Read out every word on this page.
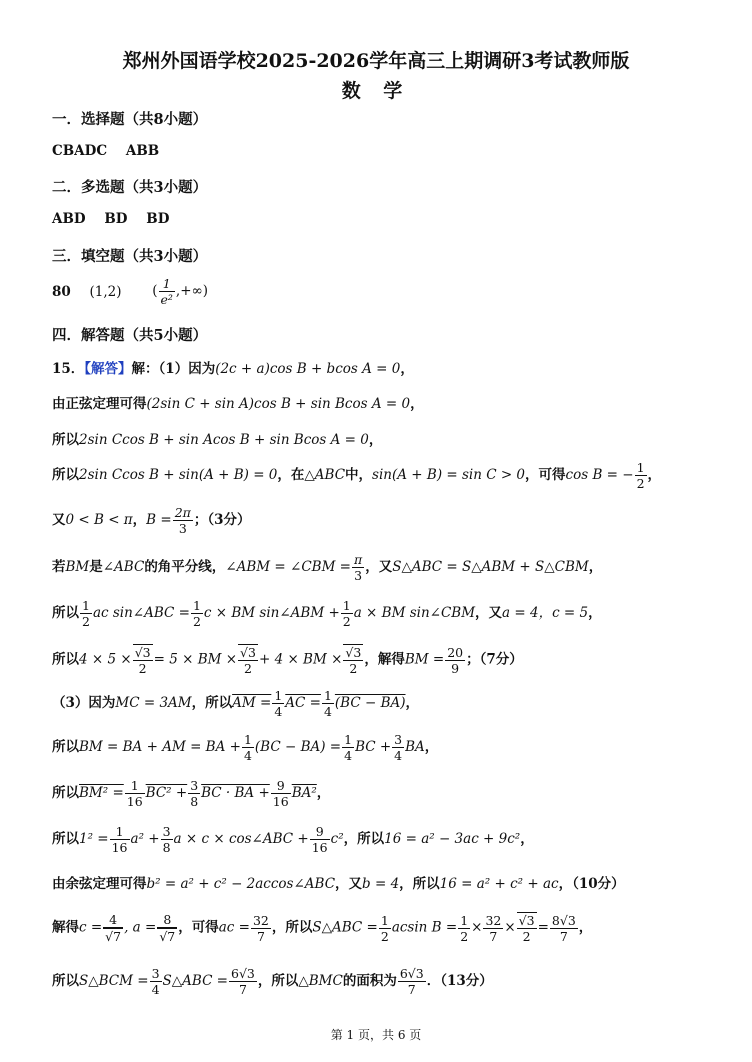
郑州外国语学校2025-2026学年高三上期调研3考试教师版
数 学
一．选择题（共8小题）
CBADC    ABB
二．多选题（共3小题）
ABD    BD    BD
三．填空题（共3小题）
80 (1,2) ( $\frac{1}{\text{e²}}$ ,+∞)
四．解答题（共5小题）
15．【解答】解：（1）因为(2c + a)cos B + bcos A = 0，
由正弦定理可得(2sin C + sin A)cos B + sin Bcos A = 0，
所以2sin Ccos B + sin Acos B + sin Bcos A = 0，
所以2sin Ccos B + sin(A + B) = 0，在△ABC中，sin(A + B) = sin C > 0，可得cos B = − $\frac{1}{2}$ ，
又0 < B < π，$B = \frac{2\pi}{3}$ ；（3分）
若BM是∠ABC的角平分线，∠ABM = ∠CBM = $\frac{\pi}{3}$ ，又S△ABC = S△ABM + S△CBM，
所以 $\frac{1}{2}$ ac sin∠ABC = $\frac{1}{2}$ c × BM sin∠ABM + $\frac{1}{2}$ a × BM sin∠CBM，又a = 4，c = 5，
所以$4 \times 5 \times \frac{√3}{2} = 5$ × BM × $\frac{√3}{2} + 4$ × BM × $\frac{√3}{2}$ ，解得BM = $\frac{20}{9}$ ；（7分）
（3）因为MC = 3AM，所以AM = $\frac{1}{4}$ AC = $\frac{1}{4} (BC - BA)$，
所以BM = BA + AM = BA + $\frac{1}{4} (BC - BA) = \frac{1}{4}$ BC + $\frac{3}{4}$ BA，
所以$BM^2 = \frac{1}{16} BC^2 + \frac{3}{8}$ BC · BA + $\frac{9}{16} BA^2$，
所以$1^2 = \frac{1}{16} a^2 + \frac{3}{8}$ a × c × cos∠ABC + $\frac{9}{16} c^2$，所以16 = a² − 3ac + 9c²，
由余弦定理可得b² = a² + c² − 2accos∠ABC，又b = 4，所以16 = a² + c² + ac，（10分）
解得$c = \frac{4}{√7}$ , $a = \frac{8}{√7}$ ，可得ac = $\frac{32}{7}$ ，所以S△ABC = $\frac{1}{2}$ acsin $B = \frac{1}{2} \times \frac{32}{7} \times \frac{√3}{2} = \frac{8√3}{7}$ ，
所以S△BCM = $\frac{3}{4}$ S△ABC = $\frac{6√3}{7}$ ，所以△BMC的面积为 $\frac{6√3}{7}$ ．（13分）
第 1 页，共 6 页
